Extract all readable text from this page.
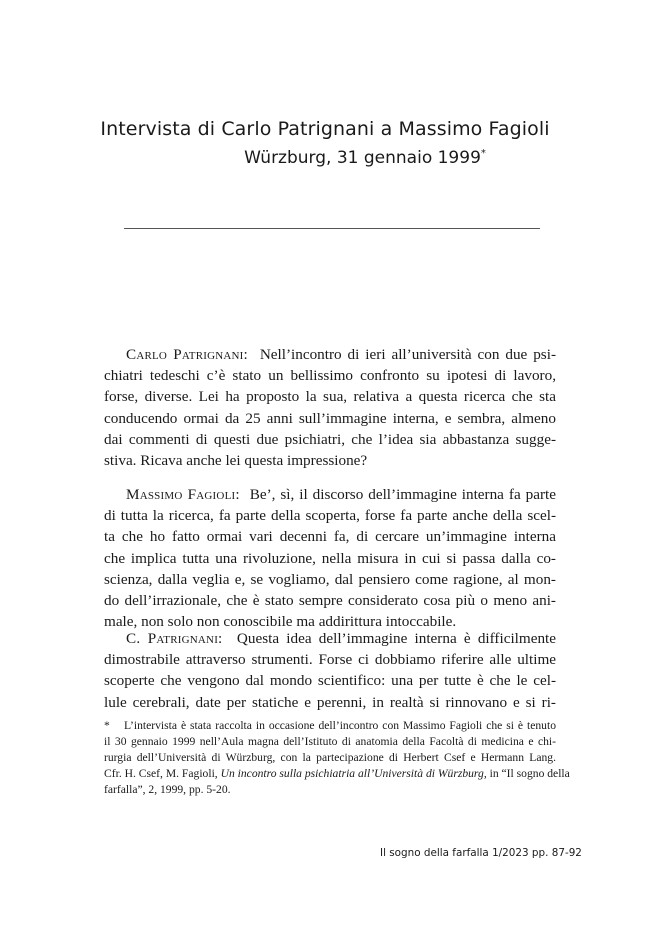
Intervista di Carlo Patrignani a Massimo Fagioli
Würzburg, 31 gennaio 1999*
Carlo Patrignani: Nell’incontro di ieri all’università con due psi-
chiatri tedeschi c’è stato un bellissimo confronto su ipotesi di lavoro,
forse, diverse. Lei ha proposto la sua, relativa a questa ricerca che sta
conducendo ormai da 25 anni sull’immagine interna, e sembra, almeno
dai commenti di questi due psichiatri, che l’idea sia abbastanza sugge-
stiva. Ricava anche lei questa impressione?
Massimo Fagioli: Be’, sì, il discorso dell’immagine interna fa parte
di tutta la ricerca, fa parte della scoperta, forse fa parte anche della scel-
ta che ho fatto ormai vari decenni fa, di cercare un’immagine interna
che implica tutta una rivoluzione, nella misura in cui si passa dalla co-
scienza, dalla veglia e, se vogliamo, dal pensiero come ragione, al mon-
do dell’irrazionale, che è stato sempre considerato cosa più o meno ani-
male, non solo non conoscibile ma addirittura intoccabile.
C. Patrignani: Questa idea dell’immagine interna è difficilmente
dimostrabile attraverso strumenti. Forse ci dobbiamo riferire alle ultime
scoperte che vengono dal mondo scientifico: una per tutte è che le cel-
lule cerebrali, date per statiche e perenni, in realtà si rinnovano e si ri-
* L’intervista è stata raccolta in occasione dell’incontro con Massimo Fagioli che si è tenuto
il 30 gennaio 1999 nell’Aula magna dell’Istituto di anatomia della Facoltà di medicina e chi-
rurgia dell’Università di Würzburg, con la partecipazione di Herbert Csef e Hermann Lang.
Cfr. H. Csef, M. Fagioli, Un incontro sulla psichiatria all’Università di Würzburg, in “Il sogno della
farfalla”, 2, 1999, pp. 5-20.
Il sogno della farfalla 1/2023 pp. 87-92
